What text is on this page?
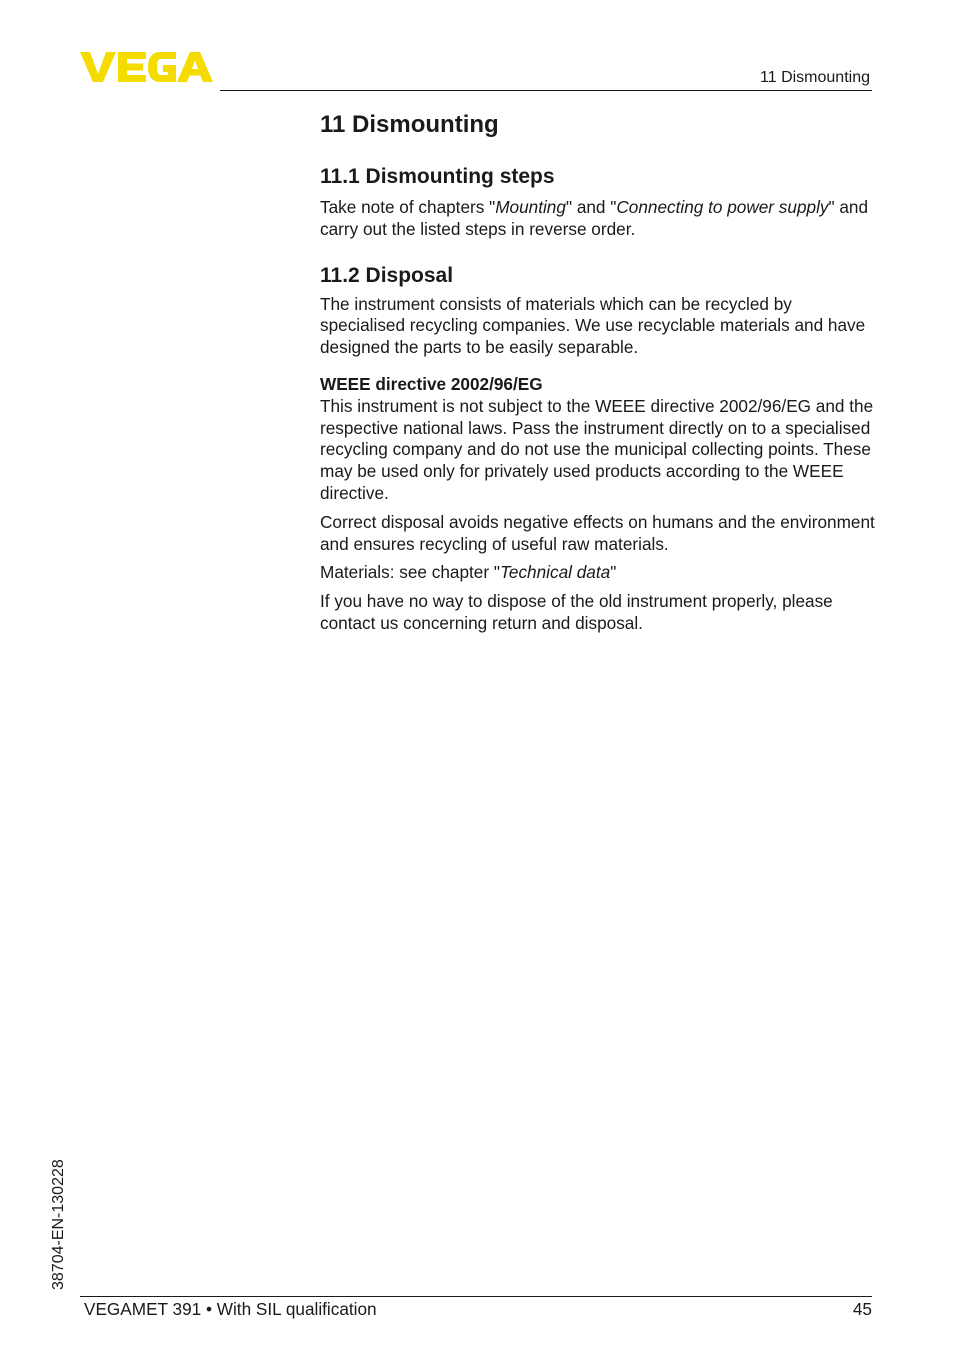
11 Dismounting
11 Dismounting
11.1 Dismounting steps

Take note of chapters "Mounting" and "Connecting to power supply" and carry out the listed steps in reverse order.

11.2 Disposal

The instrument consists of materials which can be recycled by specialised recycling companies. We use recyclable materials and have designed the parts to be easily separable.

WEEE directive 2002/96/EG

This instrument is not subject to the WEEE directive 2002/96/EG and the respective national laws. Pass the instrument directly on to a specialised recycling company and do not use the municipal collecting points. These may be used only for privately used products according to the WEEE directive.

Correct disposal avoids negative effects on humans and the environment and ensures recycling of useful raw materials.

Materials: see chapter "Technical data"

If you have no way to dispose of the old instrument properly, please contact us concerning return and disposal.

38704-EN-130228
VEGAMET 391 • With SIL qualification	45
